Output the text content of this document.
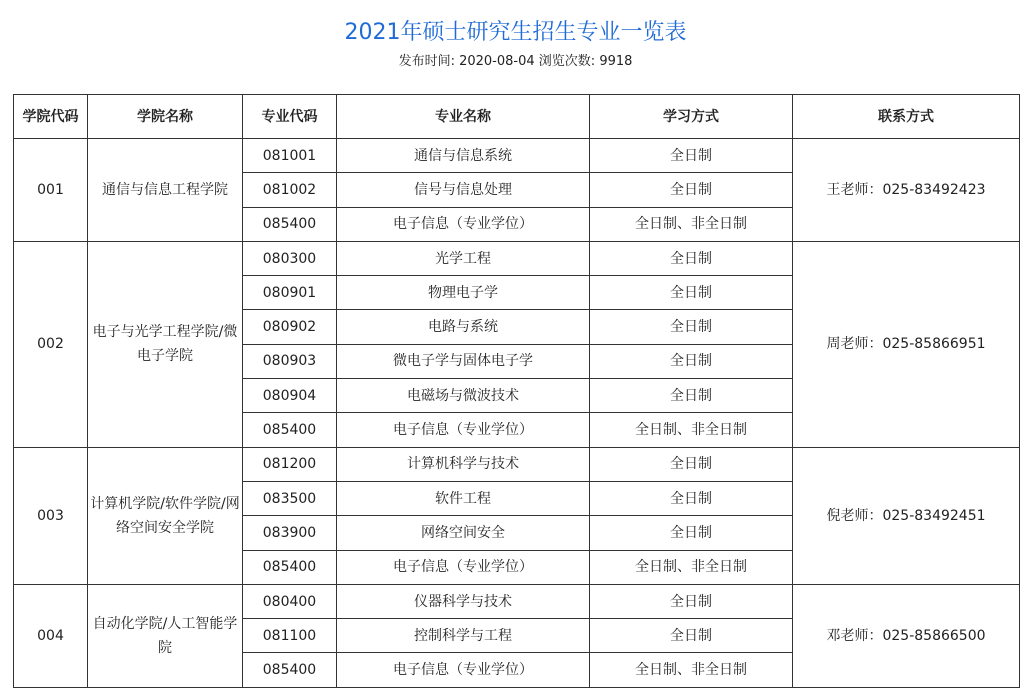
2021年硕士研究生招生专业一览表
发布时间: 2020-08-04 浏览次数: 9918
学院代码	学院名称	专业代码	专业名称	学习方式	联系方式
001	通信与信息工程学院	081001	通信与信息系统	全日制	王老师：025-83492423
		081002	信号与信息处理	全日制	
		085400	电子信息（专业学位）	全日制、非全日制	
002	电子与光学工程学院/微电子学院	080300	光学工程	全日制	周老师：025-85866951
		080901	物理电子学	全日制	
		080902	电路与系统	全日制	
		080903	微电子学与固体电子学	全日制	
		080904	电磁场与微波技术	全日制	
		085400	电子信息（专业学位）	全日制、非全日制	
003	计算机学院/软件学院/网络空间安全学院	081200	计算机科学与技术	全日制	倪老师：025-83492451
		083500	软件工程	全日制	
		083900	网络空间安全	全日制	
		085400	电子信息（专业学位）	全日制、非全日制	
004	自动化学院/人工智能学院	080400	仪器科学与技术	全日制	邓老师：025-85866500
		081100	控制科学与工程	全日制	
		085400	电子信息（专业学位）	全日制、非全日制	
